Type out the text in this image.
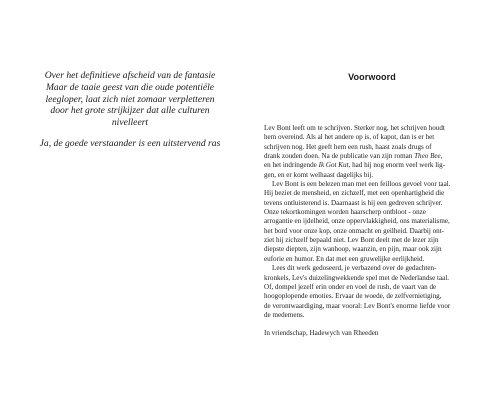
Over het definitieve afscheid van de fantasie
Maar de taaie geest van die oude potentiële
leegloper, laat zich niet zomaar verpletteren
door het grote strijkijzer dat alle culturen
nivelleert
Ja, de goede verstaander is een uitstervend ras
Voorwoord
Lev Bont leeft om te schrijven. Sterker nog, het schrijven houdt
hem overeind. Als al het andere op is, of kapot, dan is er het
schrijven nog. Het geeft hem een rush, haast zoals drugs of
drank zouden doen. Na de publicatie van zijn roman Theo Bee,
en het indringende Ik Got Kut, had hij nog enorm veel werk lig-
gen, en er komt welhaast dagelijks bij.
Lev Bont is een belezen man met een feilloos gevoel voor taal.
Hij beziet de mensheid, en zichzelf, met een openhartigheid die
tevens ontluisterend is. Daarnaast is hij een gedreven schrijver.
Onze tekortkomingen worden haarscherp ontbloot - onze
arrogantie en ijdelheid, onze oppervlakkigheid, ons materialisme,
het bord voor onze kop, onze onmacht en geilheid. Daarbij ont-
ziet hij zichzelf bepaald niet. Lev Bont deelt met de lezer zijn
diepste diepten, zijn wanhoop, waanzin, en pijn, maar ook zijn
euforie en humor. En dat met een gruwelijke eerlijkheid.
Lees dit werk gedoseerd, je verbazend over de gedachten-
kronkels, Lev's duizelingwekkende spel met de Nederlandse taal.
Of, dompel jezelf erin onder en voel de rush, de vaart van de
hoogoplopende emoties. Ervaar de woede, de zelfvernietiging,
de verontwaardiging, maar vooral: Lev Bont's enorme liefde voor
de medemens.
In vriendschap, Hadewych van Rheeden
